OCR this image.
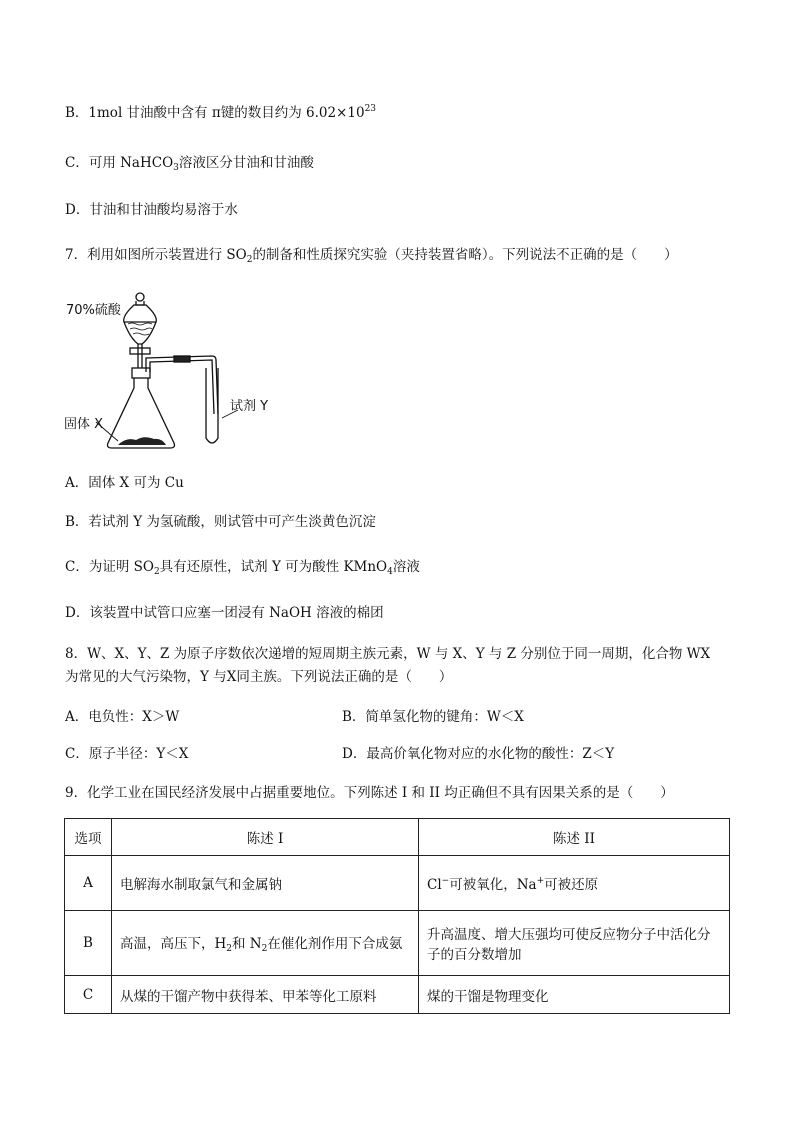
B．1mol 甘油酸中含有 π键的数目约为 $6.02\times 10^{23}$
C．可用 NaHCO$_3$溶液区分甘油和甘油酸
D．甘油和甘油酸均易溶于水
7．利用如图所示装置进行 $SO_2$的制备和性质探究实验（夹持装置省略）。下列说法不正确的是（　　）
70%硫酸
试剂 Y
固体 X
A．固体 X 可为 Cu
B．若试剂 Y 为氢硫酸，则试管中可产生淡黄色沉淀
C．为证明 $SO_2$具有还原性，试剂 Y 可为酸性 KMnO$_4$溶液
D．该装置中试管口应塞一团浸有 NaOH 溶液的棉团
8．W、X、Y、Z 为原子序数依次递增的短周期主族元素，W 与 X、Y 与 Z 分别位于同一周期，化合物 WX
为常见的大气污染物，Y 与X同主族。下列说法正确的是（　　）
A．电负性：X＞W	B．简单氢化物的键角：W＜X
C．原子半径：Y＜X	D．最高价氧化物对应的水化物的酸性：Z＜Y
9．化学工业在国民经济发展中占据重要地位。下列陈述 I 和 II 均正确但不具有因果关系的是（　　）
选项	陈述 I	陈述 II
A	电解海水制取氯气和金属钠	Cl−可被氧化，Na+可被还原
B	高温，高压下，$H_2$和 $N_2$在催化剂作用下合成氨	升高温度、增大压强均可使反应物分子中活化分
子的百分数增加

C	从煤的干馏产物中获得苯、甲苯等化工原料	煤的干馏是物理变化
